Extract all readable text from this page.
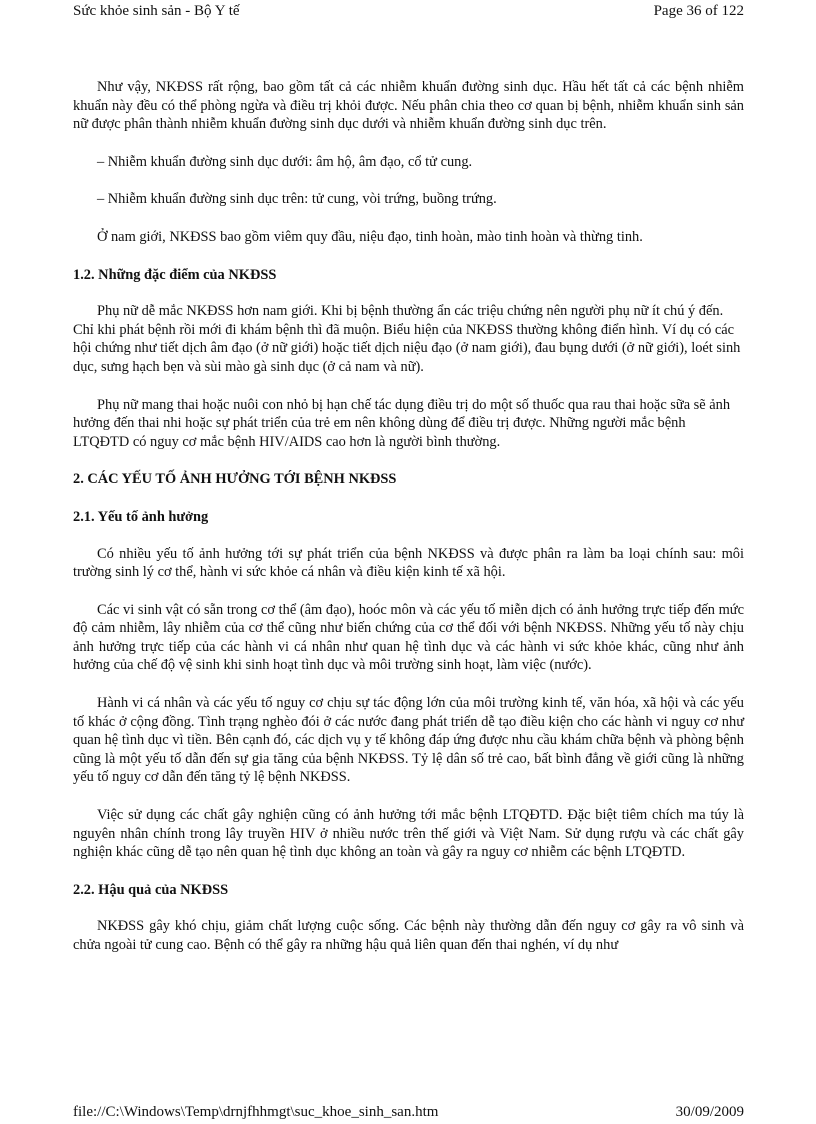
Sức khỏe sinh sản - Bộ Y tế	Page 36 of 122

Như vậy, NKĐSS rất rộng, bao gồm tất cả các nhiễm khuẩn đường sinh dục. Hầu hết tất cả các bệnh nhiễm khuẩn này đều có thể phòng ngừa và điều trị khỏi được. Nếu phân chia theo cơ quan bị bệnh, nhiễm khuẩn sinh sản nữ được phân thành nhiễm khuẩn đường sinh dục dưới và nhiễm khuẩn đường sinh dục trên.

– Nhiễm khuẩn đường sinh dục dưới: âm hộ, âm đạo, cổ tử cung.

– Nhiễm khuẩn đường sinh dục trên: tử cung, vòi trứng, buồng trứng.

Ở nam giới, NKĐSS bao gồm viêm quy đầu, niệu đạo, tinh hoàn, mào tinh hoàn và thừng tinh.

1.2. Những đặc điểm của NKĐSS

Phụ nữ dễ mắc NKĐSS hơn nam giới. Khi bị bệnh thường ẩn các triệu chứng nên người phụ nữ ít chú ý đến. Chỉ khi phát bệnh rồi mới đi khám bệnh thì đã muộn. Biểu hiện của NKĐSS thường không điển hình. Ví dụ có các hội chứng như tiết dịch âm đạo (ở nữ giới) hoặc tiết dịch niệu đạo (ở nam giới), đau bụng dưới (ở nữ giới), loét sinh dục, sưng hạch bẹn và sùi mào gà sinh dục (ở cả nam và nữ).

Phụ nữ mang thai hoặc nuôi con nhỏ bị hạn chế tác dụng điều trị do một số thuốc qua rau thai hoặc sữa sẽ ảnh hưởng đến thai nhi hoặc sự phát triển của trẻ em nên không dùng để điều trị được. Những người mắc bệnh LTQĐTD có nguy cơ mắc bệnh HIV/AIDS cao hơn là người bình thường.

2. CÁC YẾU TỐ ẢNH HƯỞNG TỚI BỆNH NKĐSS
2.1. Yếu tố ảnh hưởng

Có nhiều yếu tố ảnh hưởng tới sự phát triển của bệnh NKĐSS và được phân ra làm ba loại chính sau: môi trường sinh lý cơ thể, hành vi sức khỏe cá nhân và điều kiện kinh tế xã hội.

Các vi sinh vật có sẵn trong cơ thể (âm đạo), hoóc môn và các yếu tố miễn dịch có ảnh hưởng trực tiếp đến mức độ cảm nhiễm, lây nhiễm của cơ thể cũng như biến chứng của cơ thể đối với bệnh NKĐSS. Những yếu tố này chịu ảnh hưởng trực tiếp của các hành vi cá nhân như quan hệ tình dục và các hành vi sức khỏe khác, cũng như ảnh hưởng của chế độ vệ sinh khi sinh hoạt tình dục và môi trường sinh hoạt, làm việc (nước).

Hành vi cá nhân và các yếu tố nguy cơ chịu sự tác động lớn của môi trường kinh tế, văn hóa, xã hội và các yếu tố khác ở cộng đồng. Tình trạng nghèo đói ở các nước đang phát triển dễ tạo điều kiện cho các hành vi nguy cơ như quan hệ tình dục vì tiền. Bên cạnh đó, các dịch vụ y tế không đáp ứng được nhu cầu khám chữa bệnh và phòng bệnh cũng là một yếu tố dẫn đến sự gia tăng của bệnh NKĐSS. Tỷ lệ dân số trẻ cao, bất bình đẳng về giới cũng là những yếu tố nguy cơ dẫn đến tăng tỷ lệ bệnh NKĐSS.

Việc sử dụng các chất gây nghiện cũng có ảnh hưởng tới mắc bệnh LTQĐTD. Đặc biệt tiêm chích ma túy là nguyên nhân chính trong lây truyền HIV ở nhiều nước trên thế giới và Việt Nam. Sử dụng rượu và các chất gây nghiện khác cũng dễ tạo nên quan hệ tình dục không an toàn và gây ra nguy cơ nhiễm các bệnh LTQĐTD.

2.2. Hậu quả của NKĐSS

NKĐSS gây khó chịu, giảm chất lượng cuộc sống. Các bệnh này thường dẫn đến nguy cơ gây ra vô sinh và chửa ngoài tử cung cao. Bệnh có thể gây ra những hậu quả liên quan đến thai nghén, ví dụ như

file://C:\Windows\Temp\drnjfhhmgt\suc_khoe_sinh_san.htm	30/09/2009
